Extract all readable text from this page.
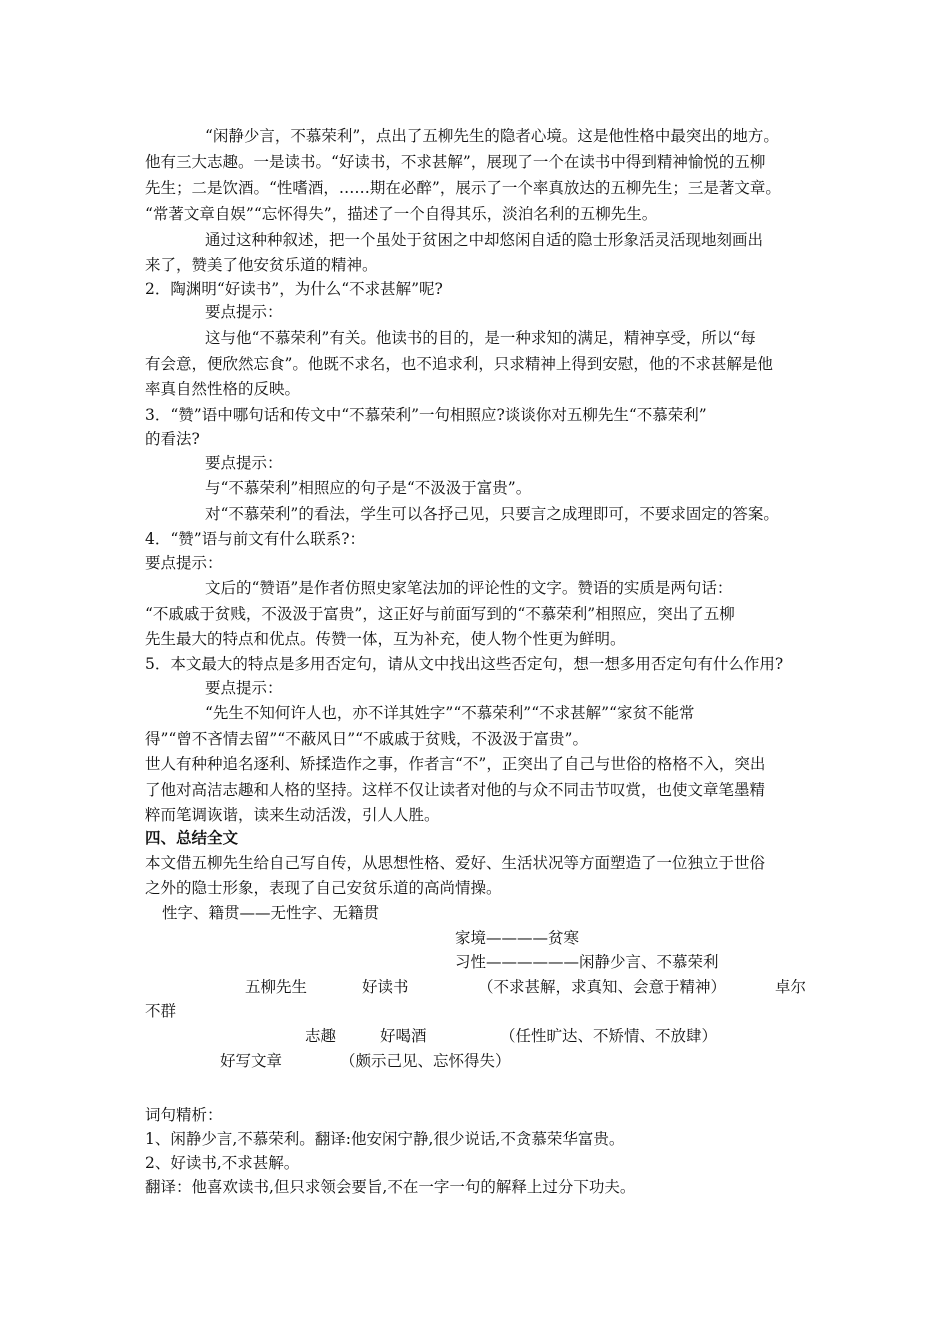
“闲静少言，不慕荣利”，点出了五柳先生的隐者心境。这是他性格中最突出的地方。
他有三大志趣。一是读书。“好读书，不求甚解”，展现了一个在读书中得到精神愉悦的五柳
先生；二是饮酒。“性嗜酒，……期在必醉”，展示了一个率真放达的五柳先生；三是著文章。
“常著文章自娱”“忘怀得失”，描述了一个自得其乐，淡泊名利的五柳先生。
通过这种种叙述，把一个虽处于贫困之中却悠闲自适的隐士形象活灵活现地刻画出
来了，赞美了他安贫乐道的精神。
2．陶渊明“好读书”，为什么“不求甚解”呢?
要点提示：
这与他“不慕荣利”有关。他读书的目的，是一种求知的满足，精神享受，所以“每
有会意，便欣然忘食”。他既不求名，也不追求利，只求精神上得到安慰，他的不求甚解是他
率真自然性格的反映。
3．“赞”语中哪句话和传文中“不慕荣利”一句相照应?谈谈你对五柳先生“不慕荣利”
的看法?
要点提示：
与“不慕荣利”相照应的句子是“不汲汲于富贵”。
对“不慕荣利”的看法，学生可以各抒己见，只要言之成理即可，不要求固定的答案。
4．“赞”语与前文有什么联系?：
要点提示：
文后的“赞语”是作者仿照史家笔法加的评论性的文字。赞语的实质是两句话：
“不戚戚于贫贱，不汲汲于富贵”，这正好与前面写到的“不慕荣利”相照应，突出了五柳
先生最大的特点和优点。传赞一体，互为补充，使人物个性更为鲜明。
5．本文最大的特点是多用否定句，请从文中找出这些否定句，想一想多用否定句有什么作用?
要点提示：
“先生不知何许人也，亦不详其姓字”“不慕荣利”“不求甚解”“家贫不能常
得”“曾不吝情去留”“不蔽风日”“不戚戚于贫贱，不汲汲于富贵”。
世人有种种追名逐利、矫揉造作之事，作者言“不”，正突出了自己与世俗的格格不入，突出
了他对高洁志趣和人格的坚持。这样不仅让读者对他的与众不同击节叹赏，也使文章笔墨精
粹而笔调诙谐，读来生动活泼，引人人胜。
四、总结全文
本文借五柳先生给自己写自传，从思想性格、爱好、生活状况等方面塑造了一位独立于世俗
之外的隐士形象，表现了自己安贫乐道的高尚情操。
性字、籍贯——无性字、无籍贯
家境————贫寒
习性——————闲静少言、不慕荣利
五柳先生	好读书	（不求甚解，求真知、会意于精神）	卓尔
不群
志趣	好喝酒	（任性旷达、不矫情、不放肆）
好写文章	（颇示己见、忘怀得失）
词句精析：
1、闲静少言,不慕荣利。翻译:他安闲宁静,很少说话,不贪慕荣华富贵。
2、好读书,不求甚解。
翻译：他喜欢读书,但只求领会要旨,不在一字一句的解释上过分下功夫。
